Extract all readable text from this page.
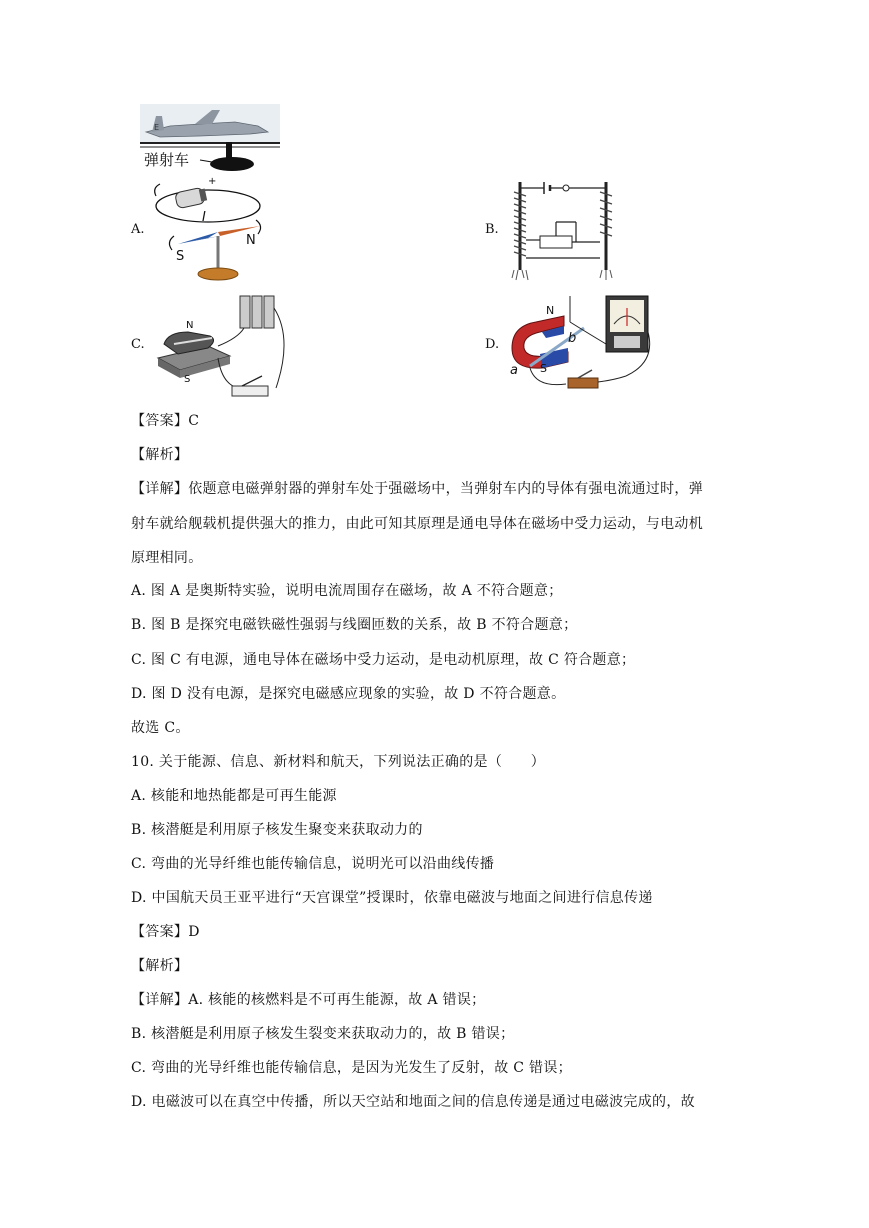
E
弹射车
A.
+
I
N
S
B.
C.
N
S
D.
N
b
a S
【答案】C
【解析】
【详解】依题意电磁弹射器的弹射车处于强磁场中，当弹射车内的导体有强电流通过时，弹
射车就给舰载机提供强大的推力，由此可知其原理是通电导体在磁场中受力运动，与电动机
原理相同。
A. 图 A 是奥斯特实验，说明电流周围存在磁场，故 A 不符合题意；
B. 图 B 是探究电磁铁磁性强弱与线圈匝数的关系，故 B 不符合题意；
C. 图 C 有电源，通电导体在磁场中受力运动，是电动机原理，故 C 符合题意；
D. 图 D 没有电源，是探究电磁感应现象的实验，故 D 不符合题意。
故选 C。
10. 关于能源、信息、新材料和航天，下列说法正确的是（　　）
A. 核能和地热能都是可再生能源
B. 核潜艇是利用原子核发生聚变来获取动力的
C. 弯曲的光导纤维也能传输信息，说明光可以沿曲线传播
D. 中国航天员王亚平进行“天宫课堂”授课时，依靠电磁波与地面之间进行信息传递
【答案】D
【解析】
【详解】A. 核能的核燃料是不可再生能源，故 A 错误；
B. 核潜艇是利用原子核发生裂变来获取动力的，故 B 错误；
C. 弯曲的光导纤维也能传输信息，是因为光发生了反射，故 C 错误；
D. 电磁波可以在真空中传播，所以天空站和地面之间的信息传递是通过电磁波完成的，故
